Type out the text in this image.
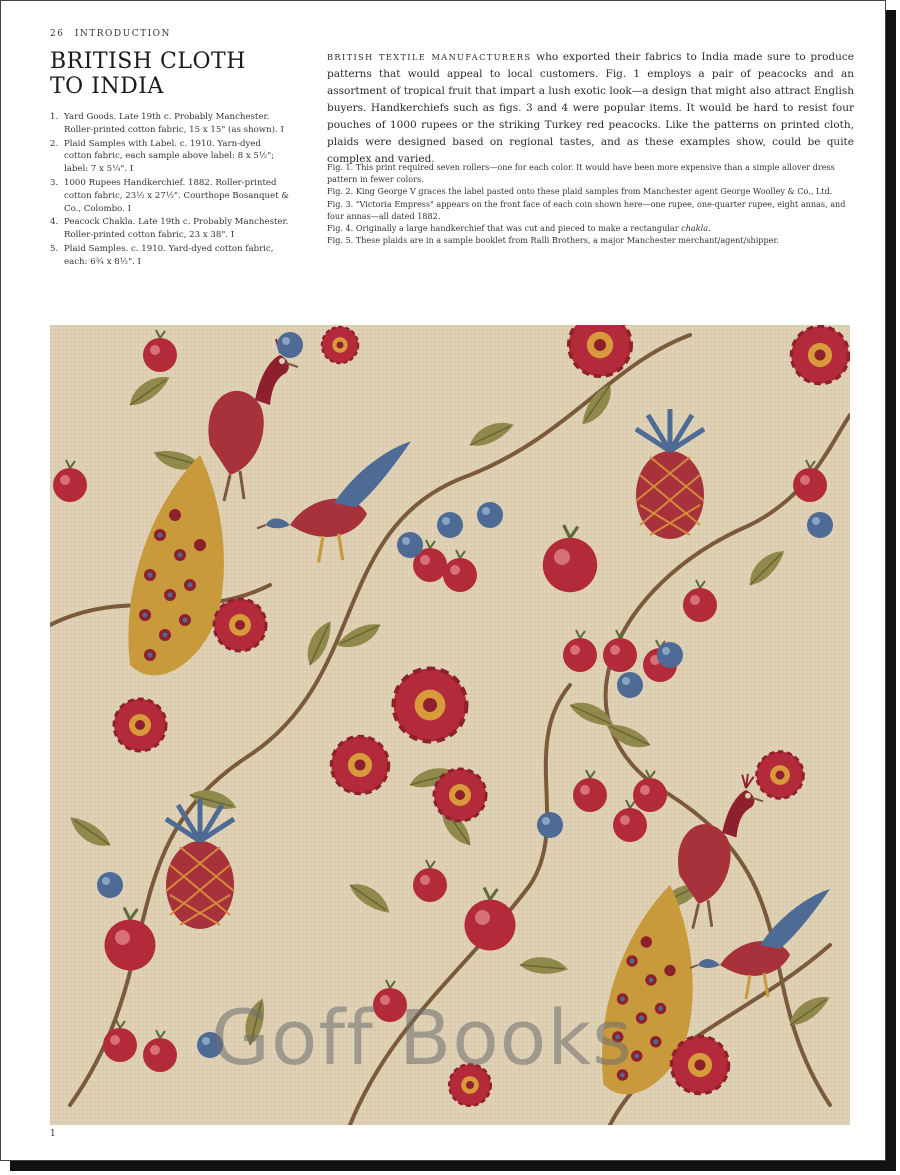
26 INTRODUCTION
BRITISH CLOTH
TO INDIA
1. Yard Goods. Late 19th c. Probably Manchester. Roller-printed cotton fabric, 15 x 15" (as shown). I
2. Plaid Samples with Label. c. 1910. Yarn-dyed cotton fabric, each sample above label: 8 x 5½"; label: 7 x 5¼". I
3. 1000 Rupees Handkerchief. 1882. Roller-printed cotton fabric, 23½ x 27½". Courthope Bosanquet & Co., Colombo. I
4. Peacock Chakla. Late 19th c. Probably Manchester. Roller-printed cotton fabric, 23 x 38". I
5. Plaid Samples. c. 1910. Yard-dyed cotton fabric, each: 6¾ x 8½". I

BRITISH TEXTILE MANUFACTURERS who exported their fabrics to India made sure to produce patterns that would appeal to local customers. Fig. 1 employs a pair of peacocks and an assortment of tropical fruit that impart a lush exotic look—a design that might also attract English buyers. Handkerchiefs such as figs. 3 and 4 were popular items. It would be hard to resist four pouches of 1000 rupees or the striking Turkey red peacocks. Like the patterns on printed cloth, plaids were designed based on regional tastes, and as these examples show, could be quite complex and varied.

Fig. 1. This print required seven rollers—one for each color. It would have been more expensive than a simple allover dress pattern in fewer colors.
Fig. 2. King George V graces the label pasted onto these plaid samples from Manchester agent George Woolley & Co., Ltd.
Fig. 3. "Victoria Empress" appears on the front face of each coin shown here—one rupee, one-quarter rupee, eight annas, and four annas—all dated 1882.
Fig. 4. Originally a large handkerchief that was cut and pieced to make a rectangular chakla.
Fig. 5. These plaids are in a sample booklet from Ralli Brothers, a major Manchester merchant/agent/shipper.
Goff Books
1
